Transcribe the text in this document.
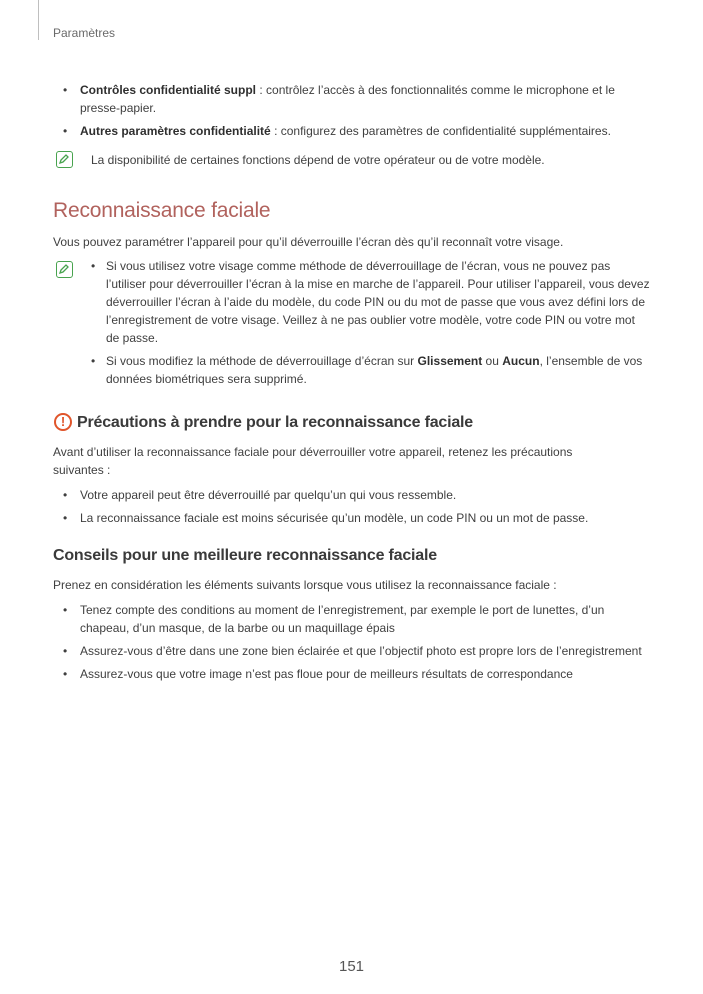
Paramètres
• Contrôles confidentialité suppl : contrôlez l’accès à des fonctionnalités comme le microphone et le presse-papier.
• Autres paramètres confidentialité : configurez des paramètres de confidentialité supplémentaires.

La disponibilité de certaines fonctions dépend de votre opérateur ou de votre modèle.

Reconnaissance faciale

Vous pouvez paramétrer l’appareil pour qu’il déverrouille l’écran dès qu’il reconnaît votre visage.

• Si vous utilisez votre visage comme méthode de déverrouillage de l’écran, vous ne pouvez pas l’utiliser pour déverrouiller l’écran à la mise en marche de l’appareil. Pour utiliser l’appareil, vous devez déverrouiller l’écran à l’aide du modèle, du code PIN ou du mot de passe que vous avez défini lors de l’enregistrement de votre visage. Veillez à ne pas oublier votre modèle, votre code PIN ou votre mot de passe.
• Si vous modifiez la méthode de déverrouillage d’écran sur Glissement ou Aucun, l’ensemble de vos données biométriques sera supprimé.
! Précautions à prendre pour la reconnaissance faciale

Avant d’utiliser la reconnaissance faciale pour déverrouiller votre appareil, retenez les précautions suivantes :

• Votre appareil peut être déverrouillé par quelqu’un qui vous ressemble.
• La reconnaissance faciale est moins sécurisée qu’un modèle, un code PIN ou un mot de passe.
Conseils pour une meilleure reconnaissance faciale

Prenez en considération les éléments suivants lorsque vous utilisez la reconnaissance faciale :

• Tenez compte des conditions au moment de l’enregistrement, par exemple le port de lunettes, d’un chapeau, d’un masque, de la barbe ou un maquillage épais
• Assurez-vous d’être dans une zone bien éclairée et que l’objectif photo est propre lors de l’enregistrement
• Assurez-vous que votre image n’est pas floue pour de meilleurs résultats de correspondance
151
